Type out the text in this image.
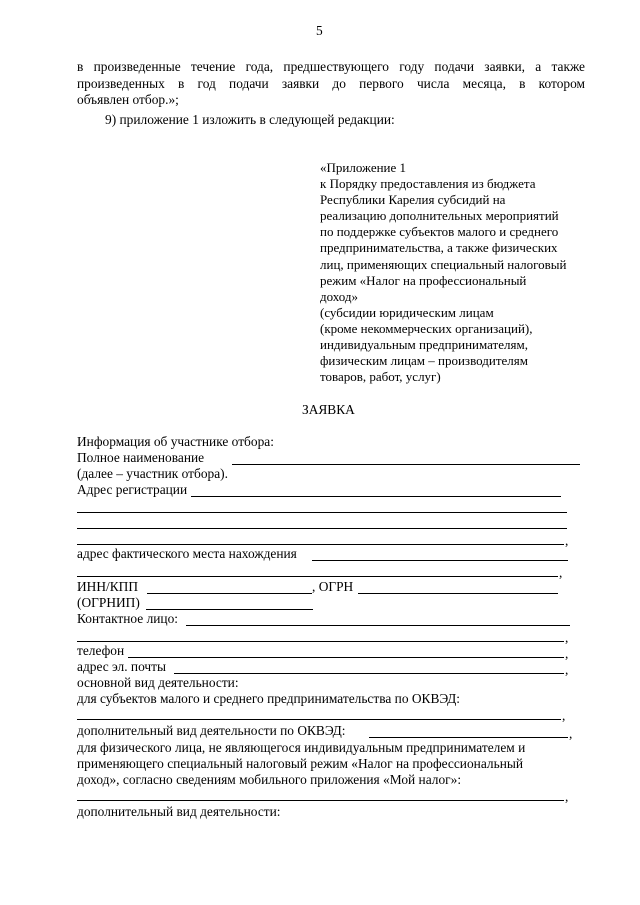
5
в произведенные течение года, предшествующего году подачи заявки, а также
произведенных в год подачи заявки до первого числа месяца, в котором
объявлен отбор.»;
9) приложение 1 изложить в следующей редакции:
«Приложение 1
к Порядку предоставления из бюджета
Республики Карелия субсидий на
реализацию дополнительных мероприятий
по поддержке субъектов малого и среднего
предпринимательства, а также физических
лиц, применяющих специальный налоговый
режим «Налог на профессиональный
доход»
(субсидии юридическим лицам
(кроме некоммерческих организаций),
индивидуальным предпринимателям,
физическим лицам – производителям
товаров, работ, услуг)
ЗАЯВКА
Информация об участнике отбора:
Полное наименование
(далее – участник отбора).
Адрес регистрации
,
адрес фактического места нахождения
,
ИНН/КПП	, ОГРН
(ОГРНИП)
Контактное лицо:
,
телефон	,
адрес эл. почты	,
основной вид деятельности:
для субъектов малого и среднего предпринимательства по ОКВЭД:
,
дополнительный вид деятельности по ОКВЭД:	,
для физического лица, не являющегося индивидуальным предпринимателем и
применяющего специальный налоговый режим «Налог на профессиональный
доход», согласно сведениям мобильного приложения «Мой налог»:
,
дополнительный вид деятельности:
